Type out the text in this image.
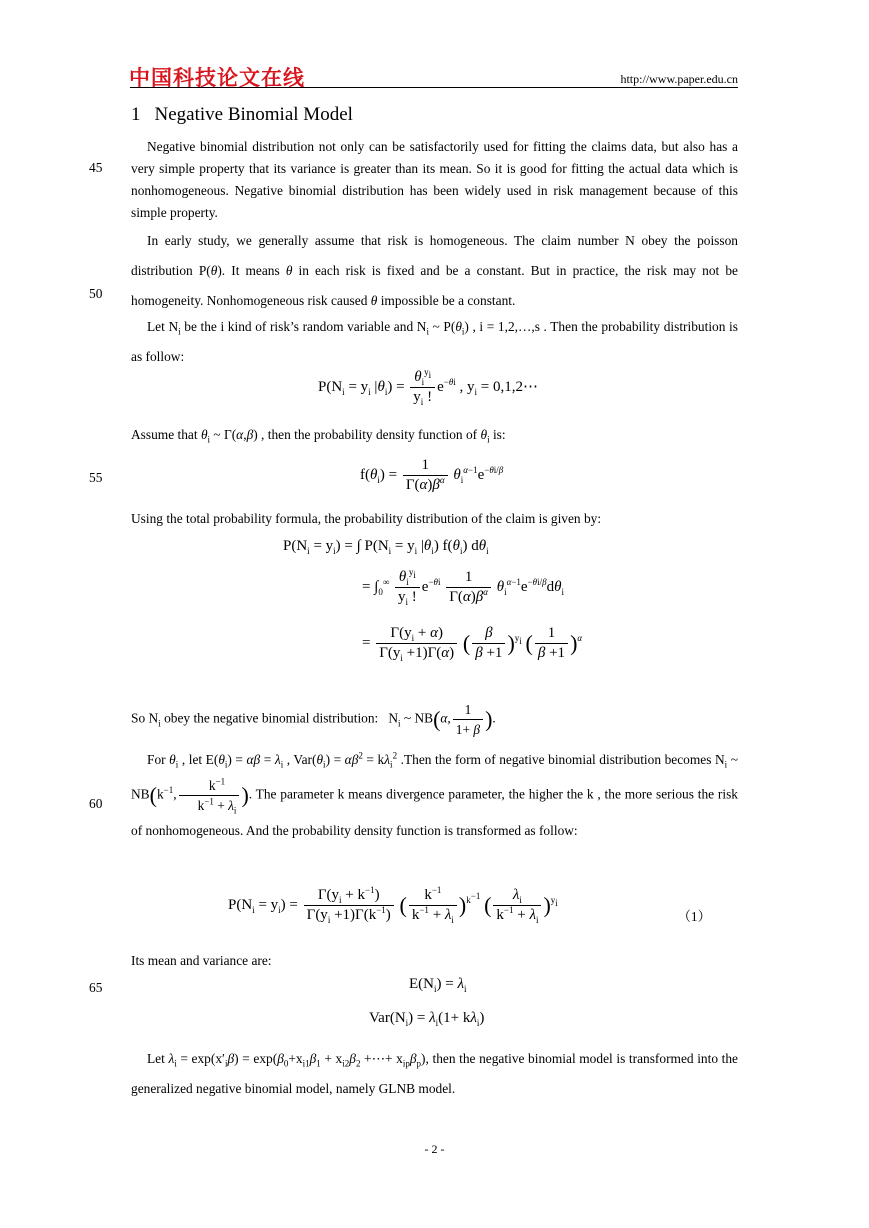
中国科技论文在线	http://www.paper.edu.cn
1 Negative Binomial Model
45
50
55
60
65
Negative binomial distribution not only can be satisfactorily used for fitting the claims data, but also has a very simple property that its variance is greater than its mean. So it is good for fitting the actual data which is nonhomogeneous. Negative binomial distribution has been widely used in risk management because of this simple property.
In early study, we generally assume that risk is homogeneous. The claim number N obey the poisson distribution P(θ). It means θ in each risk is fixed and be a constant. But in practice, the risk may not be homogeneity. Nonhomogeneous risk caused θ impossible be a constant.
Let $N_i$ be the i kind of risk’s random variable and $N_i$ ~ $P(\theta_i)$ , i = 1,2,…,s . Then the probability distribution is as follow:
$P(N_i = y_i$ $|\theta_i) = \frac{\theta_i^{y_i}}{y_i !} e^{-\theta i}$ , $y_i$ = 0,1,2⋯
Assume that $\theta_i$ ~ Γ(α,β) , then the probability density function of $\theta_i$ is:
$f(\theta_i) = \frac{1}{\Gamma(\alpha)\beta^\alpha} \theta_i^{\alpha-1}e^{-\theta i/\beta}$
Using the total probability formula, the probability distribution of the claim is given by:
$P(N_i = y_i)$ = ∫ $P(N_i = y_i$ $|\theta_i$) $f(\theta_i)$ $d\theta_i$
= $\int_0^\infty \frac{\theta_i^{y_i}}{y_i !} e^{-\theta i} \frac{1}{\Gamma(\alpha)\beta^\alpha} \theta_i^{\alpha-1}e^{-\theta i/\beta}d\theta_i$
= $\frac{\Gamma(y_i + \alpha)}{\Gamma(y_i +1)\Gamma(\alpha)}$ ( $\frac{\beta}{\beta +1} )^{y_i}$ ( $\frac{1}{\beta +1} )^\alpha$
So $N_i$ obey the negative binomial distribution:   $N_i$ ~ NB(α, $\frac{1}{1+ \beta}$ ).
For $\theta_i$ , let $E(\theta_i) = \alpha\beta = \lambda_i$ , $Var(\theta_i) = \alpha\beta^2 = k\lambda_i^2$ .Then the form of negative binomial distribution becomes $N_i$ ~ $NB(k^{-1}$, $\frac{k^{-1}}{k^{-1} + \lambda_i}$ ). The parameter k means divergence parameter, the higher the k , the more serious the risk of nonhomogeneous. And the probability density function is transformed as follow:
$P(N_i = y_i) = \frac{\Gamma(y_i + k^{-1})}{\Gamma(y_i +1)\Gamma(k^{-1})}$ ( $\frac{k^{-1}}{k^{-1} + \lambda_i} )^{k^{-1}}$ ( $\frac{\lambda_i}{k^{-1} + \lambda_i} )^{y_i}$
（1）
Its mean and variance are:
$E(N_i) = \lambda_i$
$Var(N_i) = \lambda_i(1+ k\lambda_i)$
Let $\lambda_i = \exp(x'_i\beta) = \exp(\beta_0+x_{i1}\beta_1 + x_{i2}\beta_2$ +⋯+ $x_{ip}\beta_p$), then the negative binomial model is transformed into the generalized negative binomial model, namely GLNB model.
- 2 -
